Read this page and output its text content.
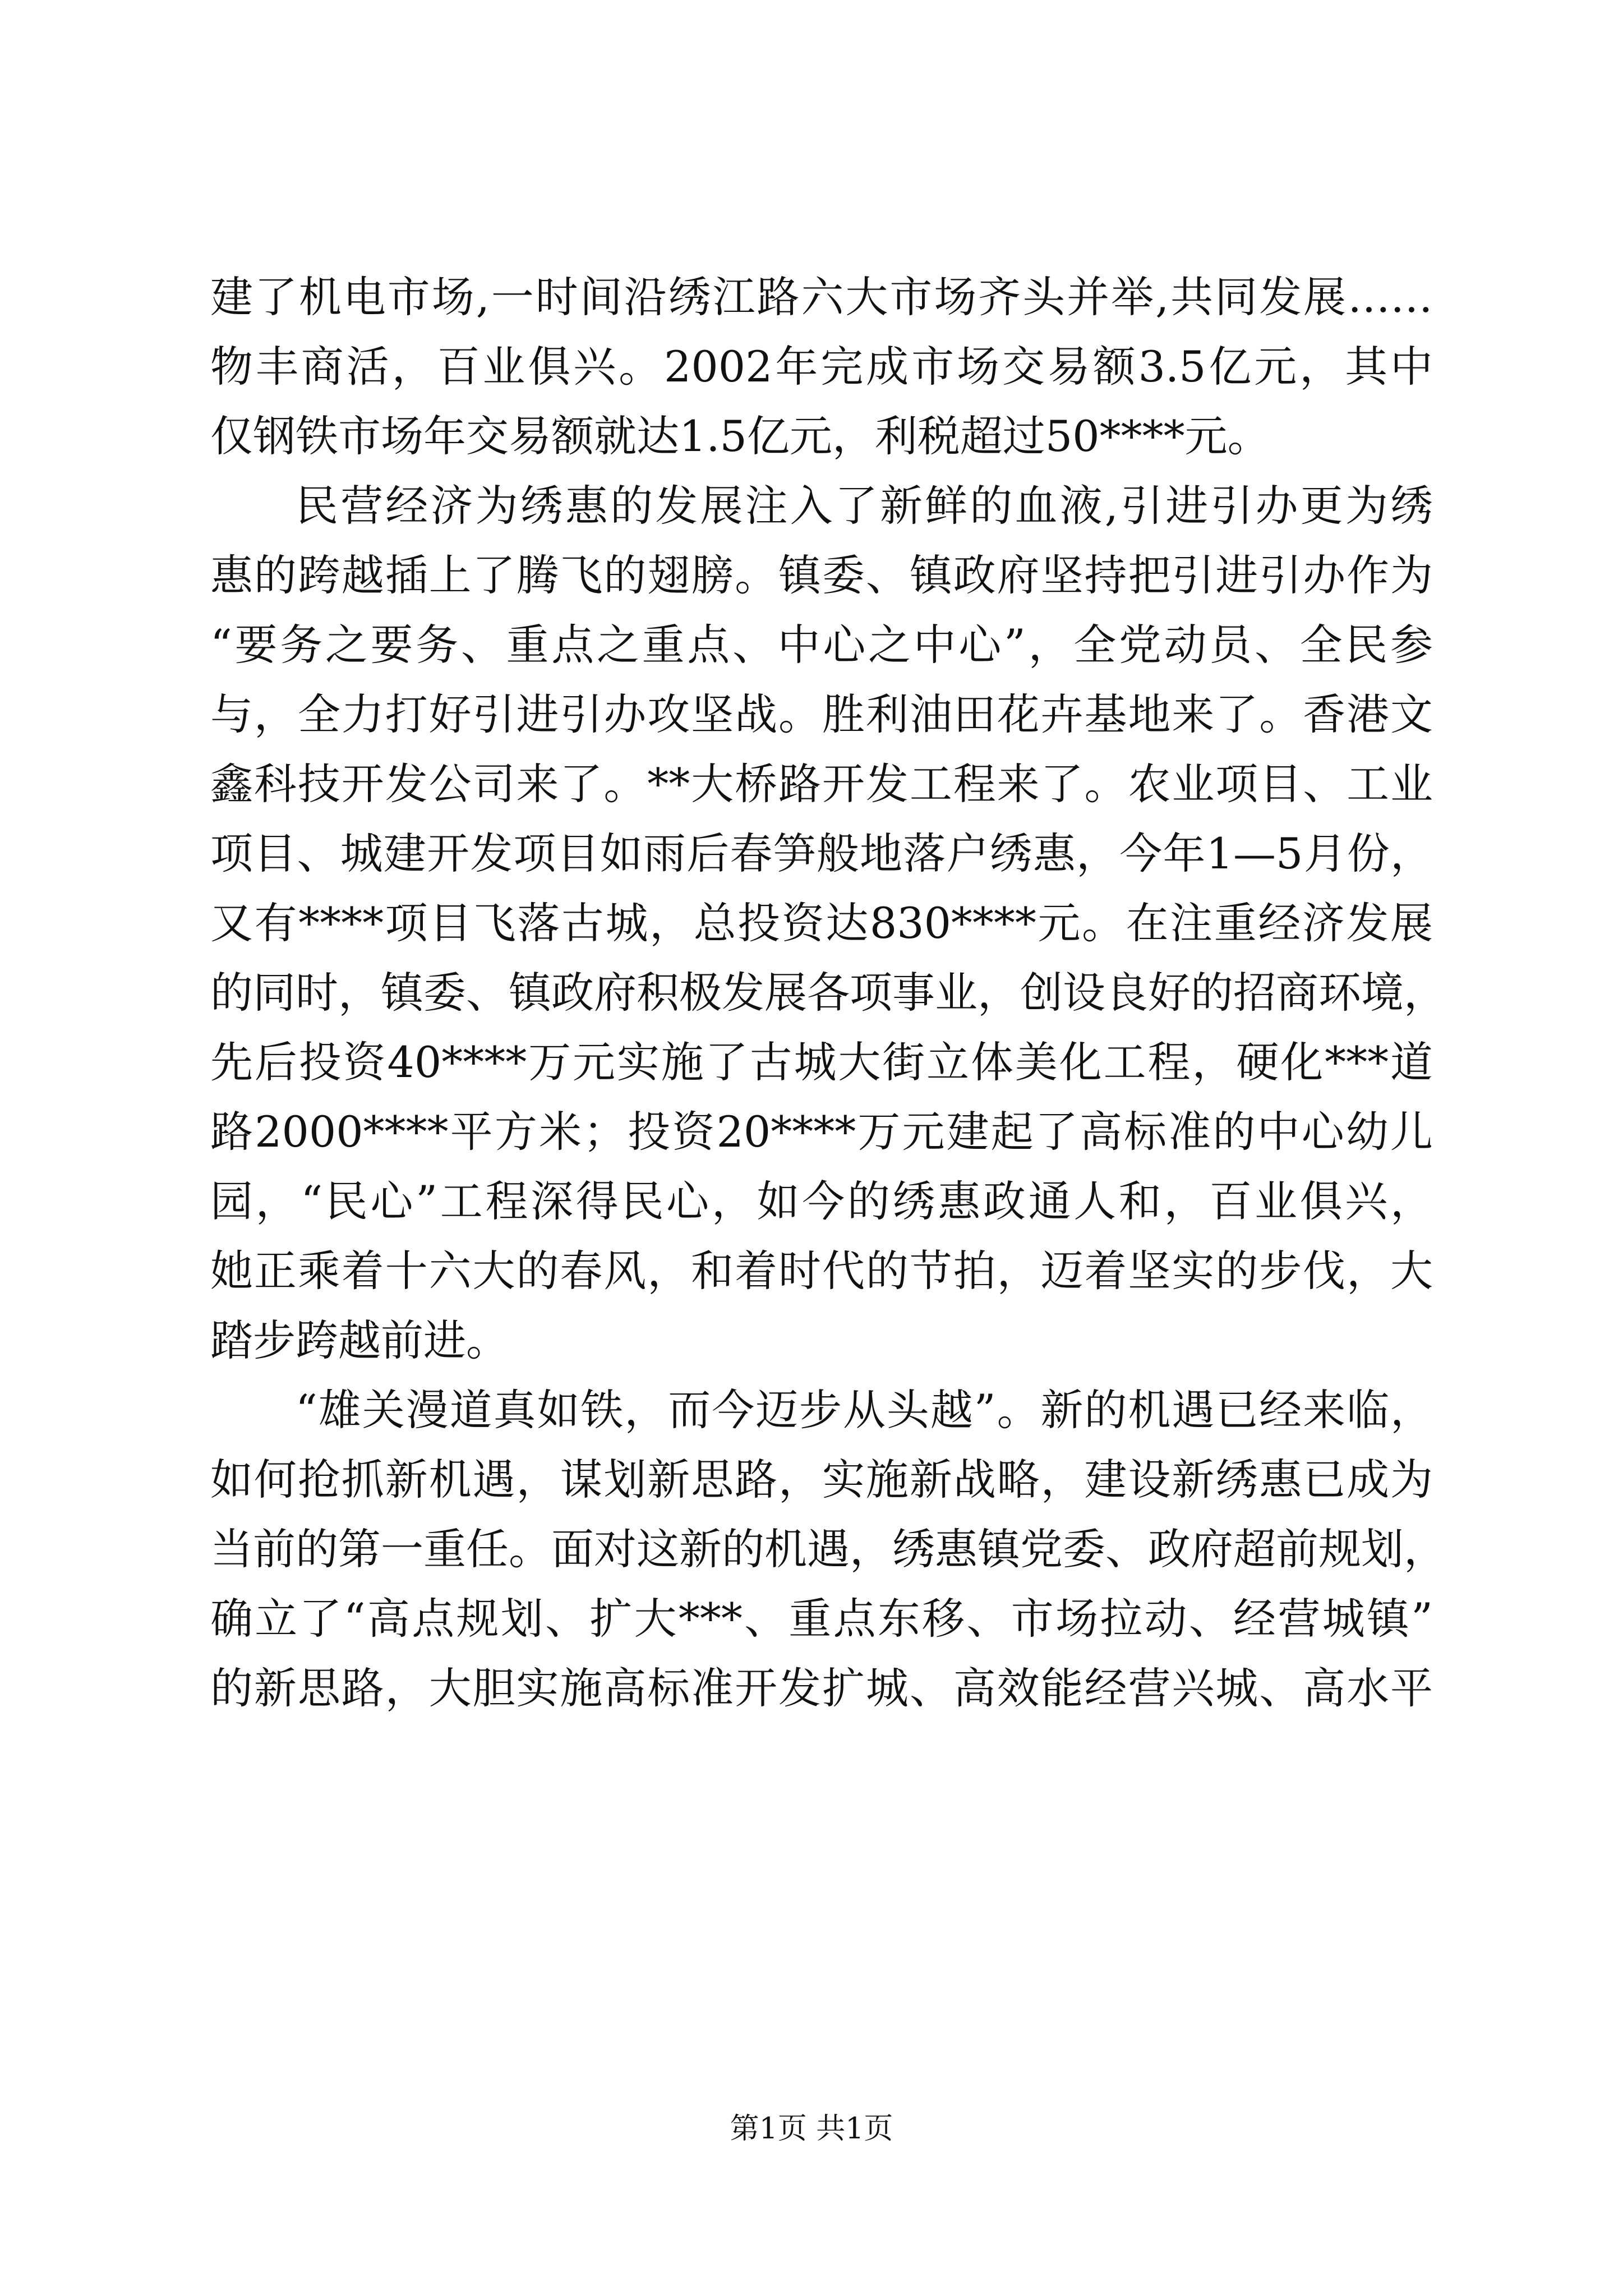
建了机电市场,一时间沿绣江路六大市场齐头并举,共同发展……
物丰商活，百业俱兴。2002年完成市场交易额3.5亿元，其中
仅钢铁市场年交易额就达1.5亿元，利税超过50****元。
民营经济为绣惠的发展注入了新鲜的血液,引进引办更为绣
惠的跨越插上了腾飞的翅膀。镇委、镇政府坚持把引进引办作为
“要务之要务、重点之重点、中心之中心”，全党动员、全民参
与，全力打好引进引办攻坚战。胜利油田花卉基地来了。香港文
鑫科技开发公司来了。**大桥路开发工程来了。农业项目、工业
项目、城建开发项目如雨后春笋般地落户绣惠，今年1—5月份，
又有****项目飞落古城，总投资达830****元。在注重经济发展
的同时，镇委、镇政府积极发展各项事业，创设良好的招商环境，
先后投资40****万元实施了古城大街立体美化工程，硬化***道
路2000****平方米；投资20****万元建起了高标准的中心幼儿
园，“民心”工程深得民心，如今的绣惠政通人和，百业俱兴，
她正乘着十六大的春风，和着时代的节拍，迈着坚实的步伐，大
踏步跨越前进。
“雄关漫道真如铁，而今迈步从头越”。新的机遇已经来临，
如何抢抓新机遇，谋划新思路，实施新战略，建设新绣惠已成为
当前的第一重任。面对这新的机遇，绣惠镇党委、政府超前规划，
确立了“高点规划、扩大***、重点东移、市场拉动、经营城镇”
的新思路，大胆实施高标准开发扩城、高效能经营兴城、高水平
第1页 共1页
